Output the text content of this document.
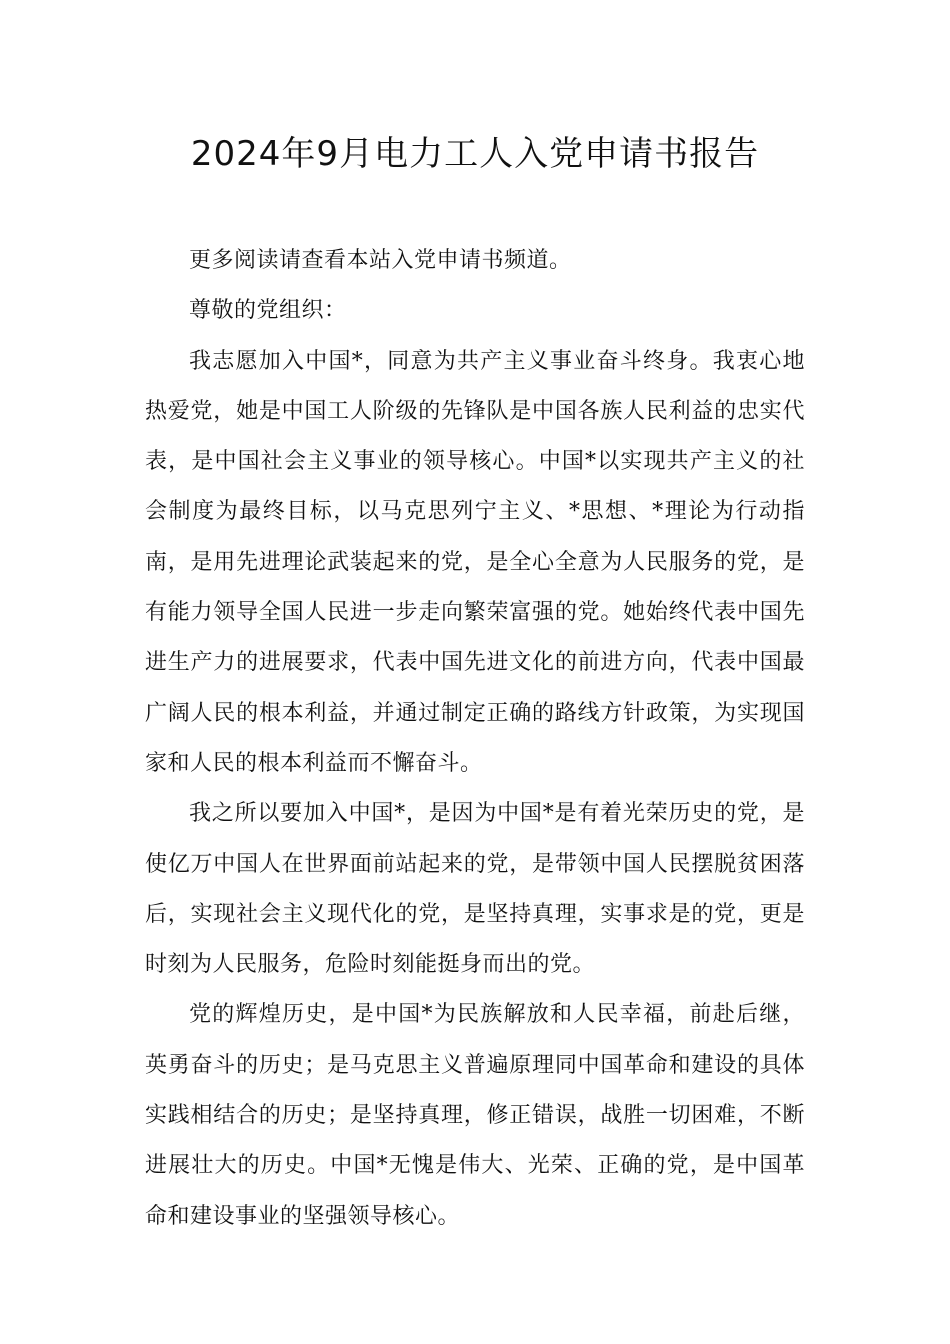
2024年9月电力工人入党申请书报告

更多阅读请查看本站入党申请书频道。

尊敬的党组织：

我志愿加入中国*，同意为共产主义事业奋斗终身。我衷心地热爱党，她是中国工人阶级的先锋队是中国各族人民利益的忠实代表，是中国社会主义事业的领导核心。中国*以实现共产主义的社会制度为最终目标，以马克思列宁主义、*思想、*理论为行动指南，是用先进理论武装起来的党，是全心全意为人民服务的党，是有能力领导全国人民进一步走向繁荣富强的党。她始终代表中国先进生产力的进展要求，代表中国先进文化的前进方向，代表中国最广阔人民的根本利益，并通过制定正确的路线方针政策，为实现国家和人民的根本利益而不懈奋斗。

我之所以要加入中国*，是因为中国*是有着光荣历史的党，是使亿万中国人在世界面前站起来的党，是带领中国人民摆脱贫困落后，实现社会主义现代化的党，是坚持真理，实事求是的党，更是时刻为人民服务，危险时刻能挺身而出的党。

党的辉煌历史，是中国*为民族解放和人民幸福，前赴后继，英勇奋斗的历史；是马克思主义普遍原理同中国革命和建设的具体实践相结合的历史；是坚持真理，修正错误，战胜一切困难，不断进展壮大的历史。中国*无愧是伟大、光荣、正确的党，是中国革命和建设事业的坚强领导核心。
